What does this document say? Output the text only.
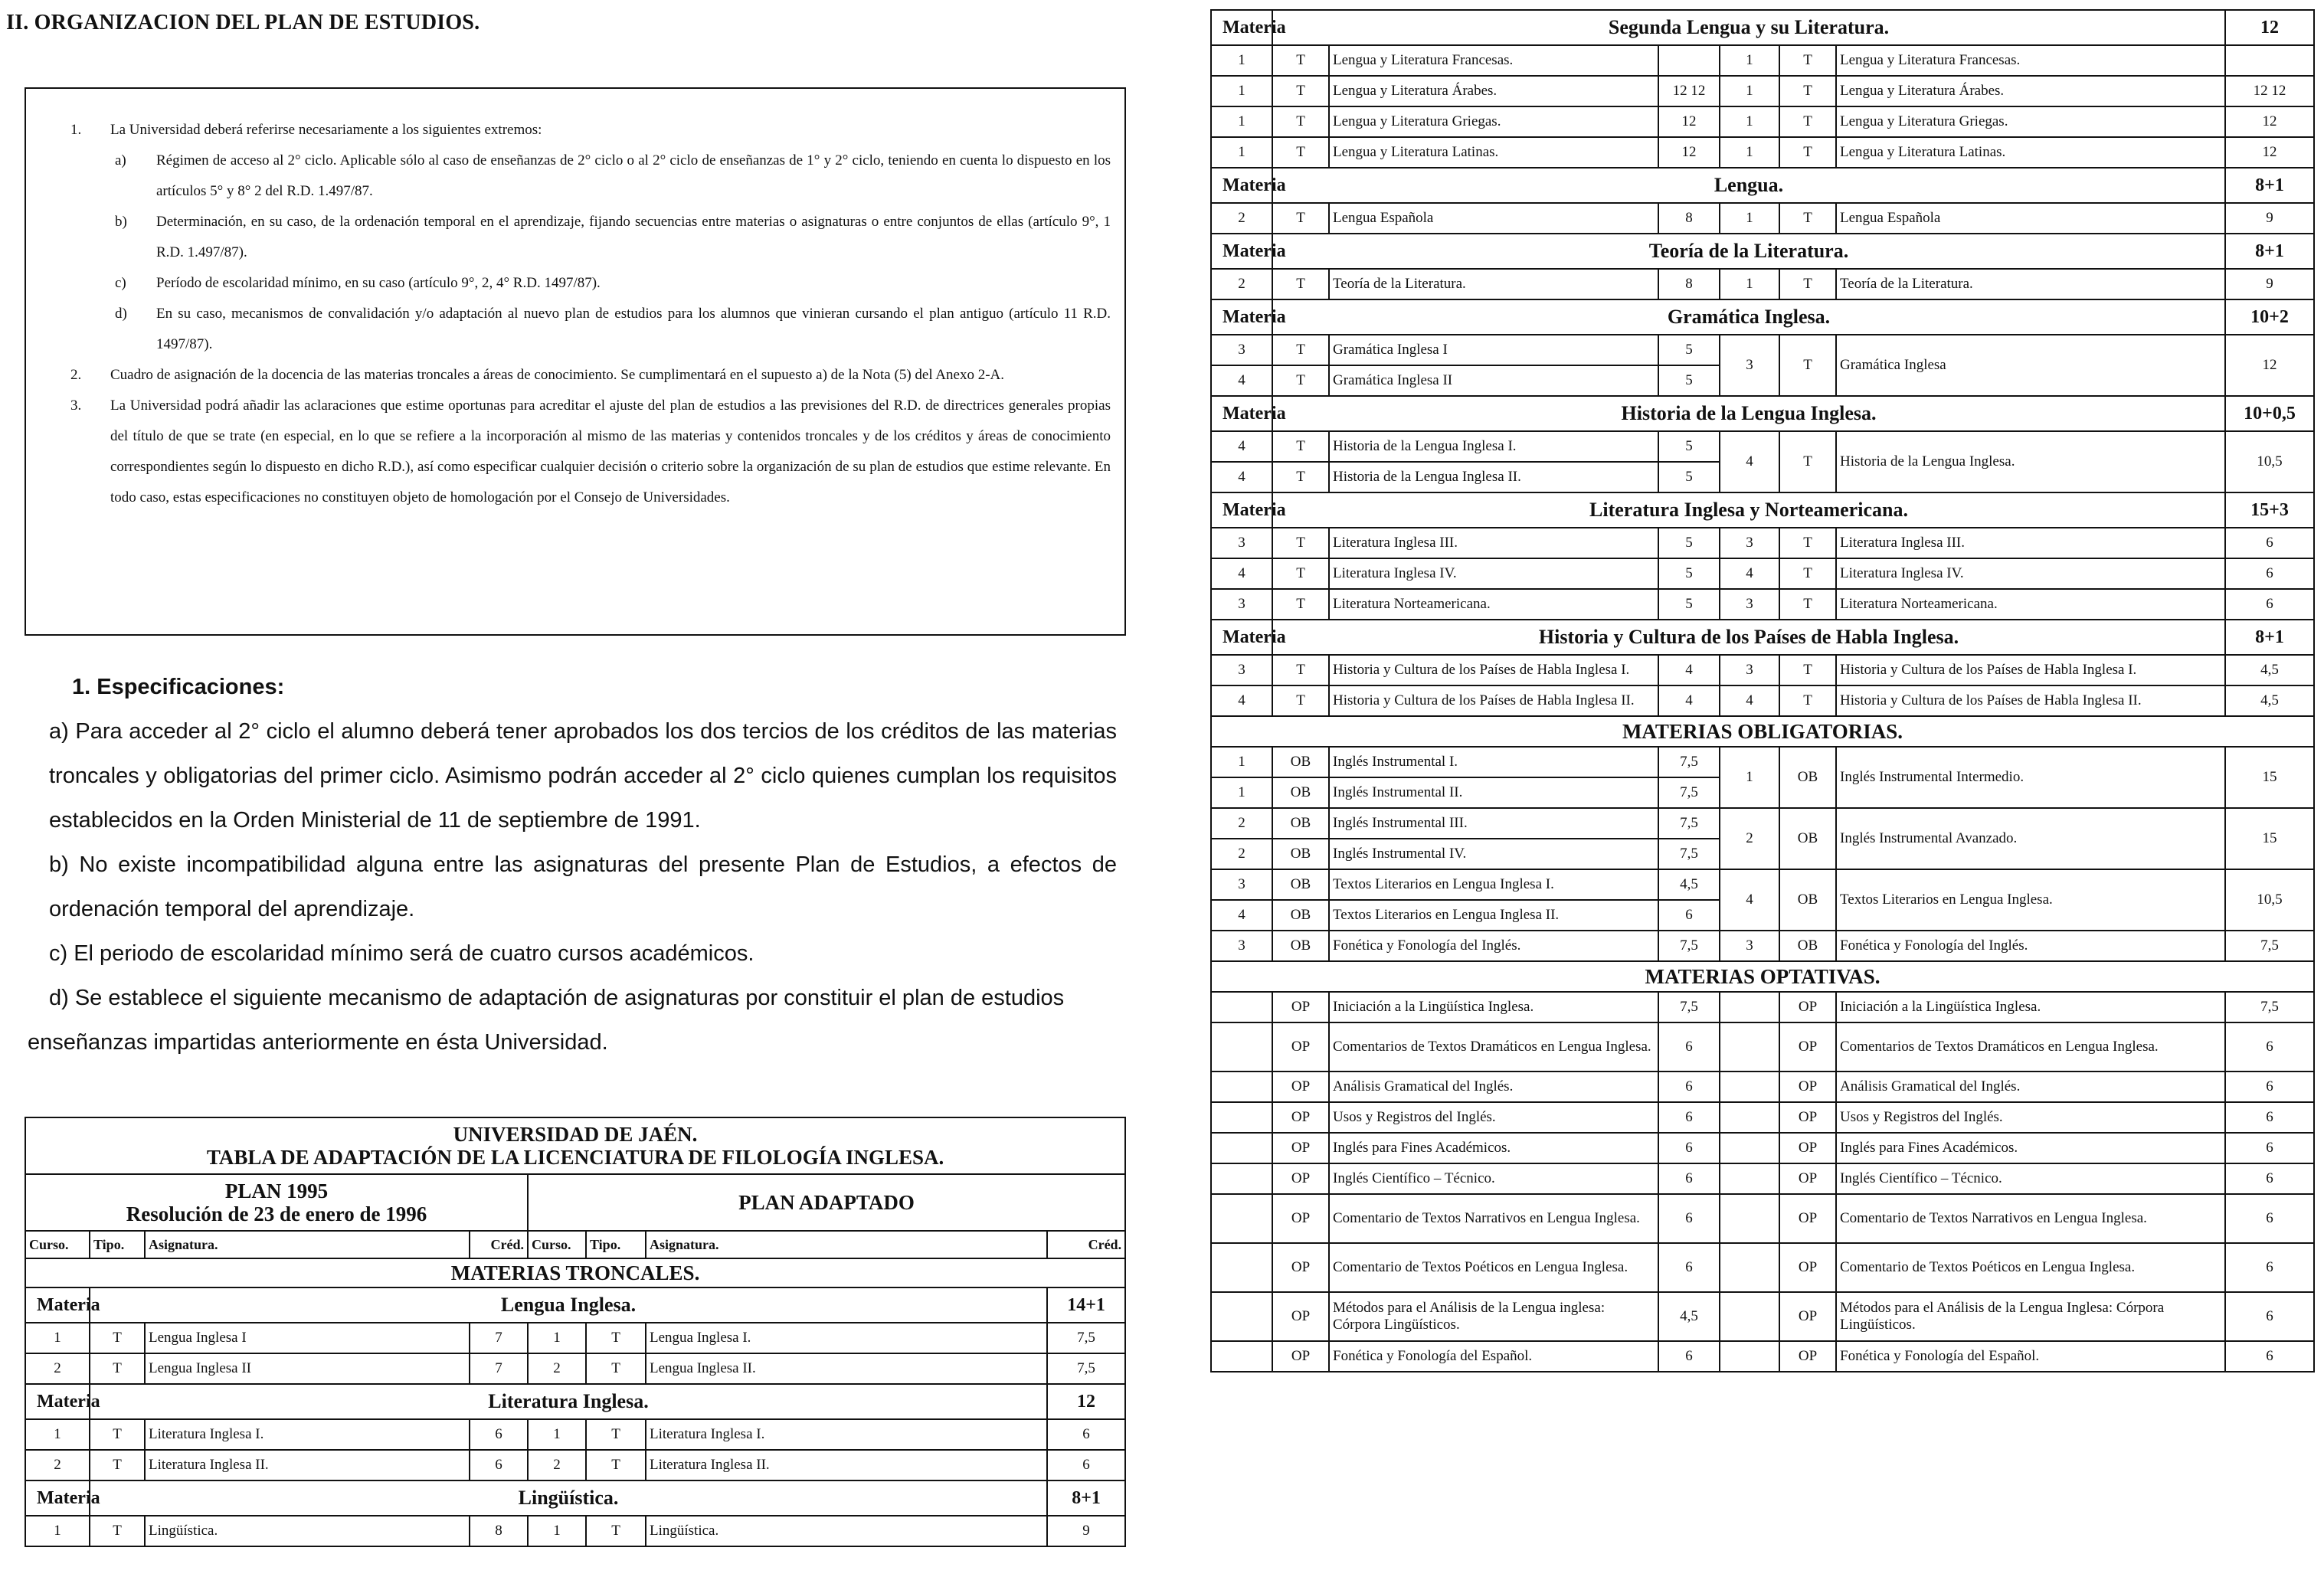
II. ORGANIZACION DEL PLAN DE ESTUDIOS.
1. La Universidad deberá referirse necesariamente a los siguientes extremos:

a) Régimen de acceso al 2° ciclo. Aplicable sólo al caso de enseñanzas de 2° ciclo o al 2° ciclo de enseñanzas de 1° y 2° ciclo, teniendo en cuenta lo dispuesto en los artículos 5° y 8° 2 del R.D. 1.497/87.

b) Determinación, en su caso, de la ordenación temporal en el aprendizaje, fijando secuencias entre materias o asignaturas o entre conjuntos de ellas (artículo 9°, 1 R.D. 1.497/87).

c) Período de escolaridad mínimo, en su caso (artículo 9°, 2, 4° R.D. 1497/87).

d) En su caso, mecanismos de convalidación y/o adaptación al nuevo plan de estudios para los alumnos que vinieran cursando el plan antiguo (artículo 11 R.D. 1497/87).

2. Cuadro de asignación de la docencia de las materias troncales a áreas de conocimiento. Se cumplimentará en el supuesto a) de la Nota (5) del Anexo 2-A.

3. La Universidad podrá añadir las aclaraciones que estime oportunas para acreditar el ajuste del plan de estudios a las previsiones del R.D. de directrices generales propias del título de que se trate (en especial, en lo que se refiere a la incorporación al mismo de las materias y contenidos troncales y de los créditos y áreas de conocimiento correspondientes según lo dispuesto en dicho R.D.), así como especificar cualquier decisión o criterio sobre la organización de su plan de estudios que estime relevante. En todo caso, estas especificaciones no constituyen objeto de homologación por el Consejo de Universidades.

1. Especificaciones:

a) Para acceder al 2° ciclo el alumno deberá tener aprobados los dos tercios de los créditos de las materias troncales y obligatorias del primer ciclo. Asimismo podrán acceder al 2° ciclo quienes cumplan los requisitos establecidos en la Orden Ministerial de 11 de septiembre de 1991.

b) No existe incompatibilidad alguna entre las asignaturas del presente Plan de Estudios, a efectos de ordenación temporal del aprendizaje.

c) El periodo de escolaridad mínimo será de cuatro cursos académicos.

d) Se establece el siguiente mecanismo de adaptación de asignaturas por constituir el plan de estudios

enseñanzas impartidas anteriormente en ésta Universidad.

UNIVERSIDAD DE JAÉN.
TABLA DE ADAPTACIÓN DE LA LICENCIATURA DE FILOLOGÍA INGLESA.							

PLAN 1995
Resolución de 23 de enero de 1996				PLAN ADAPTADO			
Curso.	Tipo.	Asignatura.	Créd.	Curso.	Tipo.	Asignatura.	Créd.
MATERIAS TRONCALES.							
Materia	Lengua Inglesa.						14+1
1	T	Lengua Inglesa I	7	1	T	Lengua Inglesa I.	7,5
2	T	Lengua Inglesa II	7	2	T	Lengua Inglesa II.	7,5
Materia	Literatura Inglesa.						12
1	T	Literatura Inglesa I.	6	1	T	Literatura Inglesa I.	6
2	T	Literatura Inglesa II.	6	2	T	Literatura Inglesa II.	6
Materia	Lingüística.						8+1
1	T	Lingüística.	8	1	T	Lingüística.	9
Materia	Segunda Lengua y su Literatura.						12
1	T	Lengua y Literatura Francesas.		1	T	Lengua y Literatura Francesas.	
1	T	Lengua y Literatura Árabes.	12 12	1	T	Lengua y Literatura Árabes.	12 12
1	T	Lengua y Literatura Griegas.	12	1	T	Lengua y Literatura Griegas.	12
1	T	Lengua y Literatura Latinas.	12	1	T	Lengua y Literatura Latinas.	12
Materia	Lengua.						8+1
2	T	Lengua Española	8	1	T	Lengua Española	9
Materia	Teoría de la Literatura.						8+1
2	T	Teoría de la Literatura.	8	1	T	Teoría de la Literatura.	9
Materia	Gramática Inglesa.						10+2
3	T	Gramática Inglesa I	5	3	T	Gramática Inglesa	12
4	T	Gramática Inglesa II	5				
Materia	Historia de la Lengua Inglesa.						10+0,5
4	T	Historia de la Lengua Inglesa I.	5	4	T	Historia de la Lengua Inglesa.	10,5
4	T	Historia de la Lengua Inglesa II.	5				
Materia	Literatura Inglesa y Norteamericana.						15+3
3	T	Literatura Inglesa III.	5	3	T	Literatura Inglesa III.	6
4	T	Literatura Inglesa IV.	5	4	T	Literatura Inglesa IV.	6
3	T	Literatura Norteamericana.	5	3	T	Literatura Norteamericana.	6
Materia	Historia y Cultura de los Países de Habla Inglesa.						8+1
3	T	Historia y Cultura de los Países de Habla Inglesa I.	4	3	T	Historia y Cultura de los Países de Habla Inglesa I.	4,5
4	T	Historia y Cultura de los Países de Habla Inglesa II.	4	4	T	Historia y Cultura de los Países de Habla Inglesa II.	4,5
MATERIAS OBLIGATORIAS.							
1	OB	Inglés Instrumental I.	7,5	1	OB	Inglés Instrumental Intermedio.	15
1	OB	Inglés Instrumental II.	7,5				
2	OB	Inglés Instrumental III.	7,5	2	OB	Inglés Instrumental Avanzado.	15
2	OB	Inglés Instrumental IV.	7,5				
3	OB	Textos Literarios en Lengua Inglesa I.	4,5	4	OB	Textos Literarios en Lengua Inglesa.	10,5
4	OB	Textos Literarios en Lengua Inglesa II.	6				
3	OB	Fonética y Fonología del Inglés.	7,5	3	OB	Fonética y Fonología del Inglés.	7,5
MATERIAS OPTATIVAS.							
	OP	Iniciación a la Lingüística Inglesa.	7,5		OP	Iniciación a la Lingüística Inglesa.	7,5
	OP	Comentarios de Textos Dramáticos en Lengua Inglesa.	6		OP	Comentarios de Textos Dramáticos en Lengua Inglesa.	6
	OP	Análisis Gramatical del Inglés.	6		OP	Análisis Gramatical del Inglés.	6
	OP	Usos y Registros del Inglés.	6		OP	Usos y Registros del Inglés.	6
	OP	Inglés para Fines Académicos.	6		OP	Inglés para Fines Académicos.	6
	OP	Inglés Científico – Técnico.	6		OP	Inglés Científico – Técnico.	6
	OP	Comentario de Textos Narrativos en Lengua Inglesa.	6		OP	Comentario de Textos Narrativos en Lengua Inglesa.	6
	OP	Comentario de Textos Poéticos en Lengua Inglesa.	6		OP	Comentario de Textos Poéticos en Lengua Inglesa.	6
	OP	Métodos para el Análisis de la Lengua inglesa: Córpora Lingüísticos.	4,5		OP	Métodos para el Análisis de la Lengua Inglesa: Córpora Lingüísticos.	6
	OP	Fonética y Fonología del Español.	6		OP	Fonética y Fonología del Español.	6
